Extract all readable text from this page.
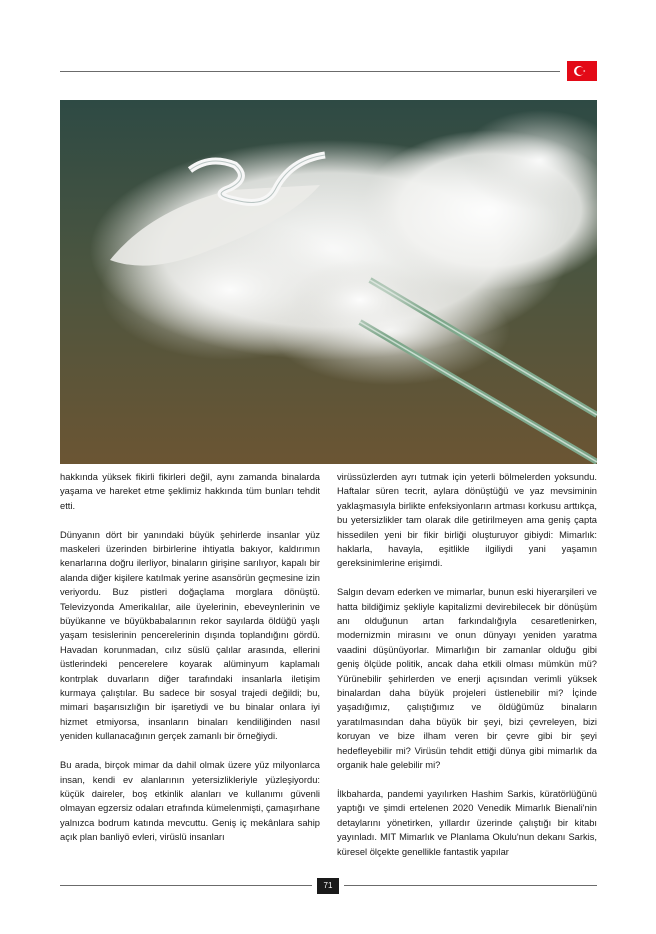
hakkında yüksek fikirli fikirleri değil, aynı zamanda binalarda yaşama ve hareket etme şeklimiz hakkında tüm bunları tehdit etti.

Dünyanın dört bir yanındaki büyük şehirlerde insanlar yüz maskeleri üzerinden birbirlerine ihtiyatla bakıyor, kaldırımın kenarlarına doğru ilerliyor, binaların girişine sarılıyor, kapalı bir alanda diğer kişilere katılmak yerine asansörün geçmesine izin veriyordu. Buz pistleri doğaçlama morglara dönüştü. Televizyonda Amerikalılar, aile üyelerinin, ebeveynlerinin ve büyükanne ve büyükbabalarının rekor sayılarda öldüğü yaşlı yaşam tesislerinin pencerelerinin dışında toplandığını gördü. Havadan korunmadan, cılız süslü çalılar arasında, ellerini üstlerindeki pencerelere koyarak alüminyum kaplamalı kontrplak duvarların diğer tarafındaki insanlarla iletişim kurmaya çalıştılar. Bu sadece bir sosyal trajedi değildi; bu, mimari başarısızlığın bir işaretiydi ve bu binalar onlara iyi hizmet etmiyorsa, insanların binaları kendiliğinden nasıl yeniden kullanacağının gerçek zamanlı bir örneğiydi.

Bu arada, birçok mimar da dahil olmak üzere yüz milyonlarca insan, kendi ev alanlarının yetersizlikleriyle yüzleşiyordu: küçük daireler, boş etkinlik alanları ve kullanımı güvenli olmayan egzersiz odaları etrafında kümelenmişti, çamaşırhane yalnızca bodrum katında mevcuttu. Geniş iç mekânlara sahip açık plan banliyö evleri, virüslü insanları

virüssüzlerden ayrı tutmak için yeterli bölmelerden yoksundu. Haftalar süren tecrit, aylara dönüştüğü ve yaz mevsiminin yaklaşmasıyla birlikte enfeksiyonların artması korkusu arttıkça, bu yetersizlikler tam olarak dile getirilmeyen ama geniş çapta hissedilen yeni bir fikir birliği oluşturuyor gibiydi: Mimarlık: haklarla, havayla, eşitlikle ilgiliydi yani yaşamın gereksinimlerine erişimdi.

Salgın devam ederken ve mimarlar, bunun eski hiyerarşileri ve hatta bildiğimiz şekliyle kapitalizmi devirebilecek bir dönüşüm anı olduğunun artan farkındalığıyla cesaretlenirken, modernizmin mirasını ve onun dünyayı yeniden yaratma vaadini düşünüyorlar. Mimarlığın bir zamanlar olduğu gibi geniş ölçüde politik, ancak daha etkili olması mümkün mü? Yürünebilir şehirlerden ve enerji açısından verimli yüksek binalardan daha büyük projeleri üstlenebilir mi? İçinde yaşadığımız, çalıştığımız ve öldüğümüz binaların yaratılmasından daha büyük bir şeyi, bizi çevreleyen, bizi koruyan ve bize ilham veren bir çevre gibi bir şeyi hedefleyebilir mi? Virüsün tehdit ettiği dünya gibi mimarlık da organik hale gelebilir mi?

İlkbaharda, pandemi yayılırken Hashim Sarkis, küratörlüğünü yaptığı ve şimdi ertelenen 2020 Venedik Mimarlık Bienali'nin detaylarını yönetirken, yıllardır üzerinde çalıştığı bir kitabı yayınladı. MIT Mimarlık ve Planlama Okulu'nun dekanı Sarkis, küresel ölçekte genellikle fantastik yapılar

71
